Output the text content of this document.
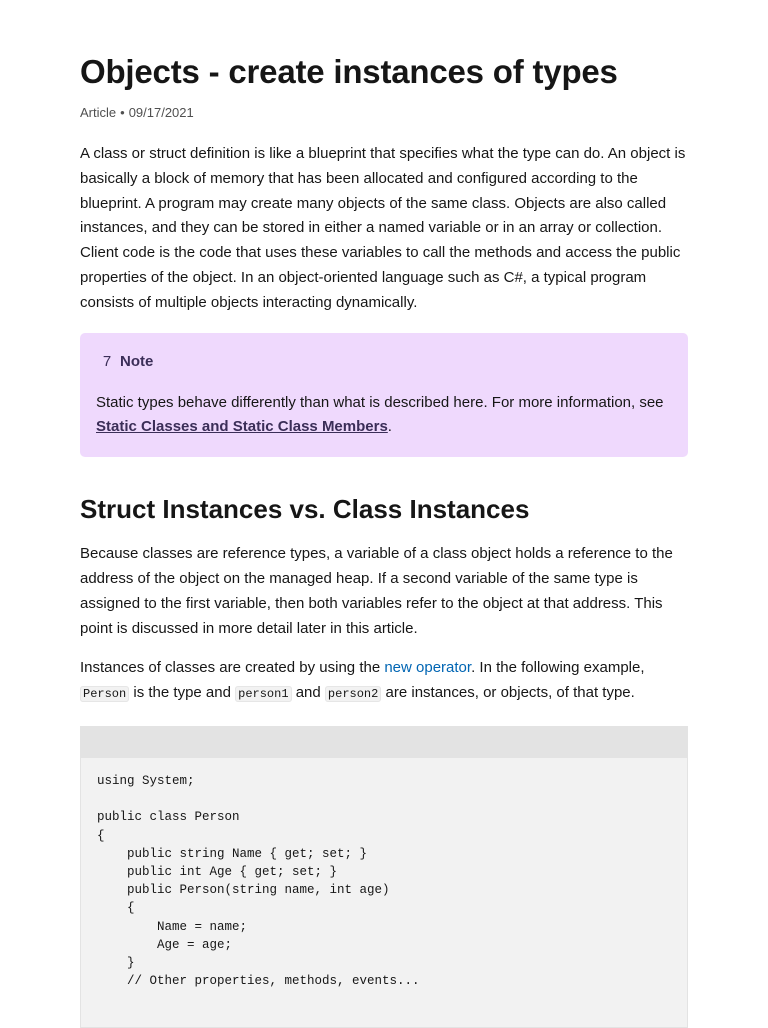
Objects - create instances of types
Article • 09/17/2021

A class or struct definition is like a blueprint that specifies what the type can do. An object is basically a block of memory that has been allocated and configured according to the blueprint. A program may create many objects of the same class. Objects are also called instances, and they can be stored in either a named variable or in an array or collection. Client code is the code that uses these variables to call the methods and access the public properties of the object. In an object-oriented language such as C#, a typical program consists of multiple objects interacting dynamically.

7 Note
Static types behave differently than what is described here. For more information, see Static Classes and Static Class Members.
Struct Instances vs. Class Instances

Because classes are reference types, a variable of a class object holds a reference to the address of the object on the managed heap. If a second variable of the same type is assigned to the first variable, then both variables refer to the object at that address. This point is discussed in more detail later in this article.

Instances of classes are created by using the new operator. In the following example,
Person is the type and person1 and person2 are instances, or objects, of that type.

using System;

public class Person
{
public string Name { get; set; }
public int Age { get; set; }
public Person(string name, int age)
{
Name = name;
Age = age;
}
// Other properties, methods, events...
